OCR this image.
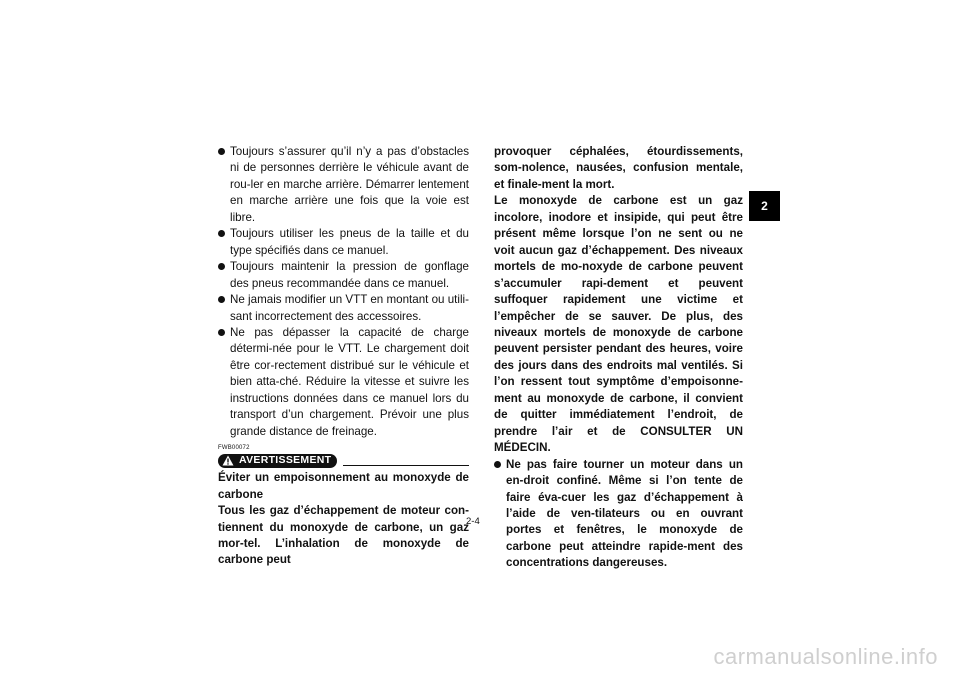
Toujours s’assurer qu’il n’y a pas d’obstacles ni de personnes derrière le véhicule avant de rou-ler en marche arrière. Démarrer lentement en marche arrière une fois que la voie est libre.
Toujours utiliser les pneus de la taille et du type spécifiés dans ce manuel.
Toujours maintenir la pression de gonflage des pneus recommandée dans ce manuel.
Ne jamais modifier un VTT en montant ou utili-sant incorrectement des accessoires.
Ne pas dépasser la capacité de charge détermi-née pour le VTT. Le chargement doit être cor-rectement distribué sur le véhicule et bien atta-ché. Réduire la vitesse et suivre les instructions données dans ce manuel lors du transport d’un chargement. Prévoir une plus grande distance de freinage.
FWB00072
AVERTISSEMENT
Éviter un empoisonnement au monoxyde de carbone
Tous les gaz d’échappement de moteur con-tiennent du monoxyde de carbone, un gaz mor-tel. L’inhalation de monoxyde de carbone peut
provoquer céphalées, étourdissements, som-nolence, nausées, confusion mentale, et finale-ment la mort.
Le monoxyde de carbone est un gaz incolore, inodore et insipide, qui peut être présent même lorsque l’on ne sent ou ne voit aucun gaz d’échappement. Des niveaux mortels de mo-noxyde de carbone peuvent s’accumuler rapi-dement et peuvent suffoquer rapidement une victime et l’empêcher de se sauver. De plus, des niveaux mortels de monoxyde de carbone peuvent persister pendant des heures, voire des jours dans des endroits mal ventilés. Si l’on ressent tout symptôme d’empoisonne-ment au monoxyde de carbone, il convient de quitter immédiatement l’endroit, de prendre l’air et de CONSULTER UN MÉDECIN.
Ne pas faire tourner un moteur dans un en-droit confiné. Même si l’on tente de faire éva-cuer les gaz d’échappement à l’aide de ven-tilateurs ou en ouvrant portes et fenêtres, le monoxyde de carbone peut atteindre rapide-ment des concentrations dangereuses.
2
2-4
carmanualsonline.info
